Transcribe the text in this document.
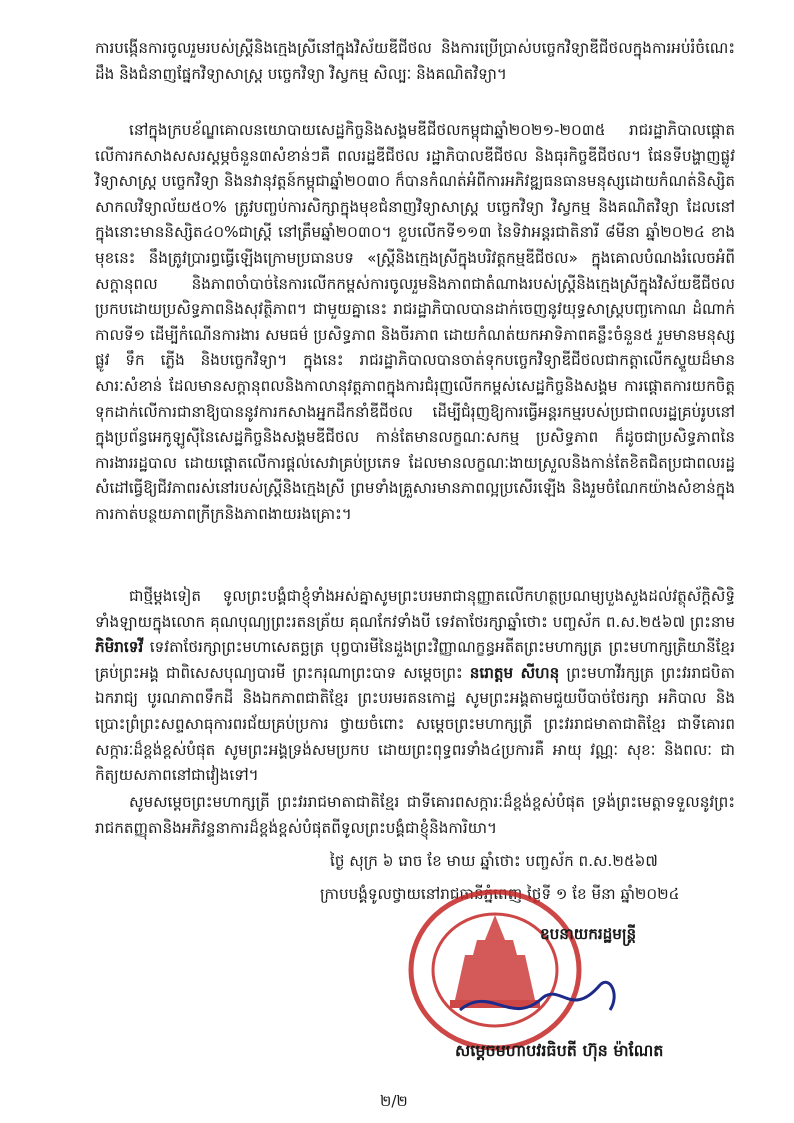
ការបង្កើនការចូលរួមរបស់ស្ត្រីនិងក្មេងស្រីនៅក្នុងវិស័យឌីជីថល និងការប្រើប្រាស់បច្ចេកវិទ្យាឌីជីថលក្នុងការអប់រំចំណេះដឹង និងជំនាញផ្នែកវិទ្យាសាស្ត្រ បច្ចេកវិទ្យា វិស្វកម្ម សិល្បៈ និងគណិតវិទ្យា។
នៅក្នុងក្របខ័ណ្ឌគោលនយោបាយសេដ្ឋកិច្ចនិងសង្គមឌីជីថលកម្ពុជាឆ្នាំ២០២១-២០៣៥ រាជរដ្ឋាភិបាលផ្ដោតលើការកសាងសសរស្តម្ភចំនួន៣សំខាន់ៗគឺ ពលរដ្ឋឌីជីថល រដ្ឋាភិបាលឌីជីថល និងធុរកិច្ចឌីជីថល។ ផែនទីបង្ហាញផ្លូវវិទ្យាសាស្ត្រ បច្ចេកវិទ្យា និងនវានុវត្តន៍កម្ពុជាឆ្នាំ២០៣០ ក៏បានកំណត់អំពីការអភិវឌ្ឍធនធានមនុស្សដោយកំណត់និស្សិតសាកលវិទ្យាល័យ៥០% ត្រូវបញ្ចប់ការសិក្សាក្នុងមុខជំនាញវិទ្យាសាស្ត្រ បច្ចេកវិទ្យា វិស្វកម្ម និងគណិតវិទ្យា ដែលនៅក្នុងនោះមាននិស្សិត៤០%ជាស្ត្រី នៅត្រឹមឆ្នាំ២០៣០។ ខួបលើកទី១១៣ នៃទិវាអន្តរជាតិនារី ៨មីនា ឆ្នាំ២០២៤ ខាងមុខនេះ នឹងត្រូវប្រារព្ធធ្វើឡើងក្រោមប្រធានបទ «ស្ត្រីនិងក្មេងស្រីក្នុងបរិវត្តកម្មឌីជីថល» ក្នុងគោលបំណងរំលេចអំពីសក្ដានុពល និងភាពចាំបាច់នៃការលើកកម្ពស់ការចូលរួមនិងភាពជាតំណាងរបស់ស្ត្រីនិងក្មេងស្រីក្នុងវិស័យឌីជីថល ប្រកបដោយប្រសិទ្ធភាពនិងសុវត្ថិភាព។ ជាមួយគ្នានេះ រាជរដ្ឋាភិបាលបានដាក់ចេញនូវយុទ្ធសាស្ត្របញ្ចកោណ ដំណាក់កាលទី១ ដើម្បីកំណើនការងារ សមធម៌ ប្រសិទ្ធភាព និងចីរភាព ដោយកំណត់យកអាទិភាពគន្លឹះចំនួន៥ រួមមានមនុស្ស ផ្លូវ ទឹក ភ្លើង និងបច្ចេកវិទ្យា។ ក្នុងនេះ រាជរដ្ឋាភិបាលបានចាត់ទុកបច្ចេកវិទ្យាឌីជីថលជាកត្តាលើកស្ទួយដ៏មានសារៈសំខាន់ ដែលមានសក្ដានុពលនិងកាលានុវត្តភាពក្នុងការជំរុញលើកកម្ពស់សេដ្ឋកិច្ចនិងសង្គម ការផ្ដោតការយកចិត្តទុកដាក់លើការជានាឱ្យបាននូវការកសាងអ្នកដឹកនាំឌីជីថល ដើម្បីជំរុញឱ្យការធ្វើអន្តរកម្មរបស់ប្រជាពលរដ្ឋគ្រប់រូបនៅក្នុងប្រព័ន្ធអេកូឡូស៊ីនៃសេដ្ឋកិច្ចនិងសង្គមឌីជីថល កាន់តែមានលក្ខណៈសកម្ម ប្រសិទ្ធភាព ក៏ដូចជាប្រសិទ្ធភាពនៃការងាររដ្ឋបាល ដោយផ្ដោតលើការផ្ដល់សេវាគ្រប់ប្រភេទ ដែលមានលក្ខណៈងាយស្រួលនិងកាន់តែខិតជិតប្រជាពលរដ្ឋ សំដៅធ្វើឱ្យជីវភាពរស់នៅរបស់ស្ត្រីនិងក្មេងស្រី ព្រមទាំងគ្រួសារមានភាពល្អប្រសើរឡើង និងរួមចំណែកយ៉ាងសំខាន់ក្នុងការកាត់បន្ថយភាពក្រីក្រនិងភាពងាយរងគ្រោះ។
ជាថ្មីម្ដងទៀត ទូលព្រះបង្គំជាខ្ញុំទាំងអស់គ្នាសូមព្រះបរមរាជានុញ្ញាតលើកហត្ថប្រណម្យបួងសួងដល់វត្ថុស័ក្តិសិទ្ធិទាំងឡាយក្នុងលោក គុណបុណ្យព្រះរតនត្រ័យ គុណកែវទាំងបី ទេវតាថែរក្សាឆ្នាំថោះ បញ្ចស័ក ព.ស.២៥៦៧ ព្រះនាម ភិមិរាទេវី ទេវតាថែរក្សាព្រះមហាសេតច្ឆត្រ បុព្វបារមីនៃដួងព្រះវិញ្ញាណក្ខន្ធអតីតព្រះមហាក្សត្រ ព្រះមហាក្សត្រិយានីខ្មែរគ្រប់ព្រះអង្គ ជាពិសេសបុណ្យបារមី ព្រះករុណាព្រះបាទ សម្ដេចព្រះ នរោត្តម សីហនុ ព្រះមហាវីរក្សត្រ ព្រះវររាជបិតាឯករាជ្យ បូរណភាពទឹកដី និងឯកភាពជាតិខ្មែរ ព្រះបរមរតនកោដ្ឋ សូមព្រះអង្គតាមជួយបីបាច់ថែរក្សា អភិបាល និងប្រោះព្រំព្រះសព្ទសាធុការពរជ័យគ្រប់ប្រការ ថ្វាយចំពោះ សម្ដេចព្រះមហាក្សត្រី ព្រះវររាជមាតាជាតិខ្មែរ ជាទីគោរពសក្ការៈដ៏ខ្ពង់ខ្ពស់បំផុត សូមព្រះអង្គទ្រង់សមប្រកប ដោយព្រះពុទ្ធពរទាំង៤ប្រការគឺ អាយុ វណ្ណៈ សុខៈ និងពលៈ ជាកិត្យយសភាពនៅជាវៀងទៅ។
សូមសម្ដេចព្រះមហាក្សត្រី ព្រះវររាជមាតាជាតិខ្មែរ ជាទីគោរពសក្ការៈដ៏ខ្ពង់ខ្ពស់បំផុត ទ្រង់ព្រះមេត្តាទទួលនូវព្រះរាជកតញ្ញុតានិងអភិវន្ទនាការដ៏ខ្ពង់ខ្ពស់បំផុតពីទូលព្រះបង្គំជាខ្ញុំនិងការិយា។
ថ្ងៃ សុក្រ ៦ រោច ខែ មាឃ ឆ្នាំថោះ បញ្ចស័ក ព.ស.២៥៦៧
ក្រាបបង្គំទូលថ្វាយនៅរាជធានីភ្នំពេញ ថ្ងៃទី ១ ខែ មីនា ឆ្នាំ២០២៤
ឧបនាយករដ្ឋមន្ត្រី
សម្ដេចមហាបវរធិបតី ហ៊ុន ម៉ាណែត
២/២
